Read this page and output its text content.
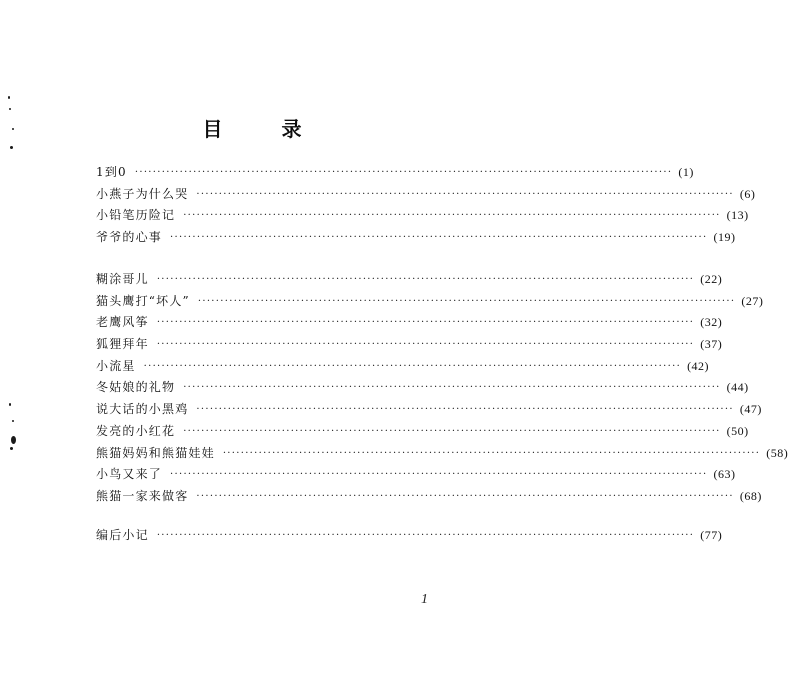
目 录
1到0 ························································································································ (1)
小燕子为什么哭 ························································································································ (6)
小铅笔历险记 ························································································································ (13)
爷爷的心事 ························································································································ (19)
糊涂哥儿 ························································································································ (22)
猫头鹰打“坏人” ························································································································ (27)
老鹰风筝 ························································································································ (32)
狐狸拜年 ························································································································ (37)
小流星 ························································································································ (42)
冬姑娘的礼物 ························································································································ (44)
说大话的小黑鸡 ························································································································ (47)
发亮的小红花 ························································································································ (50)
熊猫妈妈和熊猫娃娃 ························································································································ (58)
小鸟又来了 ························································································································ (63)
熊猫一家来做客 ························································································································ (68)
编后小记 ························································································································ (77)
1
